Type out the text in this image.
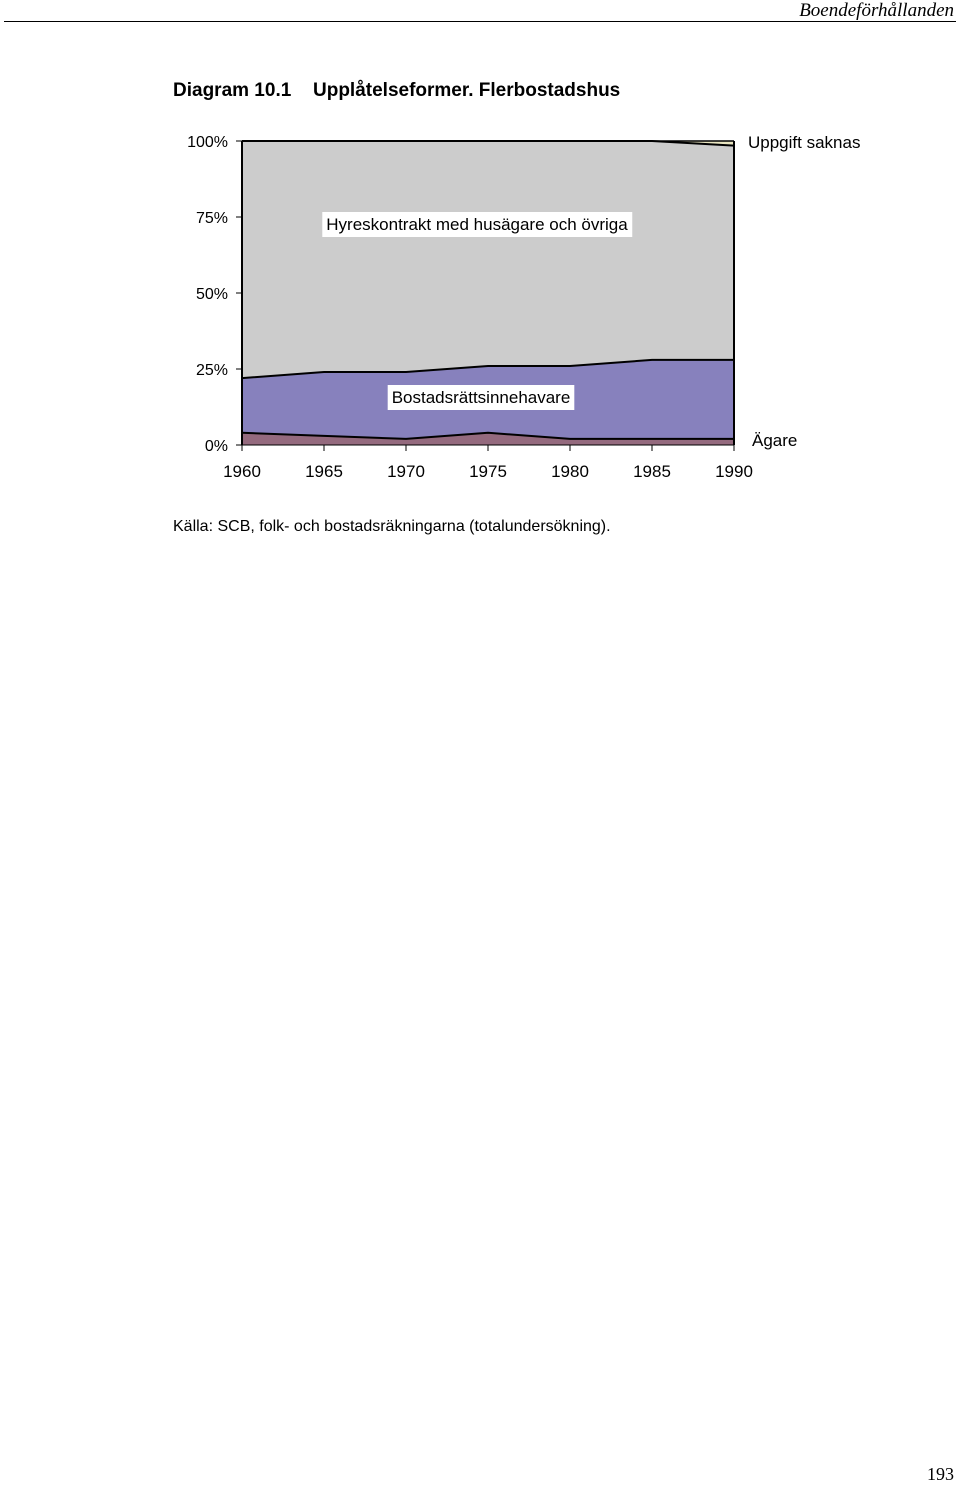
Boendeförhållanden
Diagram 10.1 Upplåtelseformer. Flerbostadshus
0%
25%
50%
75%
100%
1960	1965	1970	1975	1980	1985	1990
Hyreskontrakt med husägare och övriga
Bostadsrättsinnehavare
Uppgift saknas
Ägare
Källa: SCB, folk- och bostadsräkningarna (totalundersökning).
193
